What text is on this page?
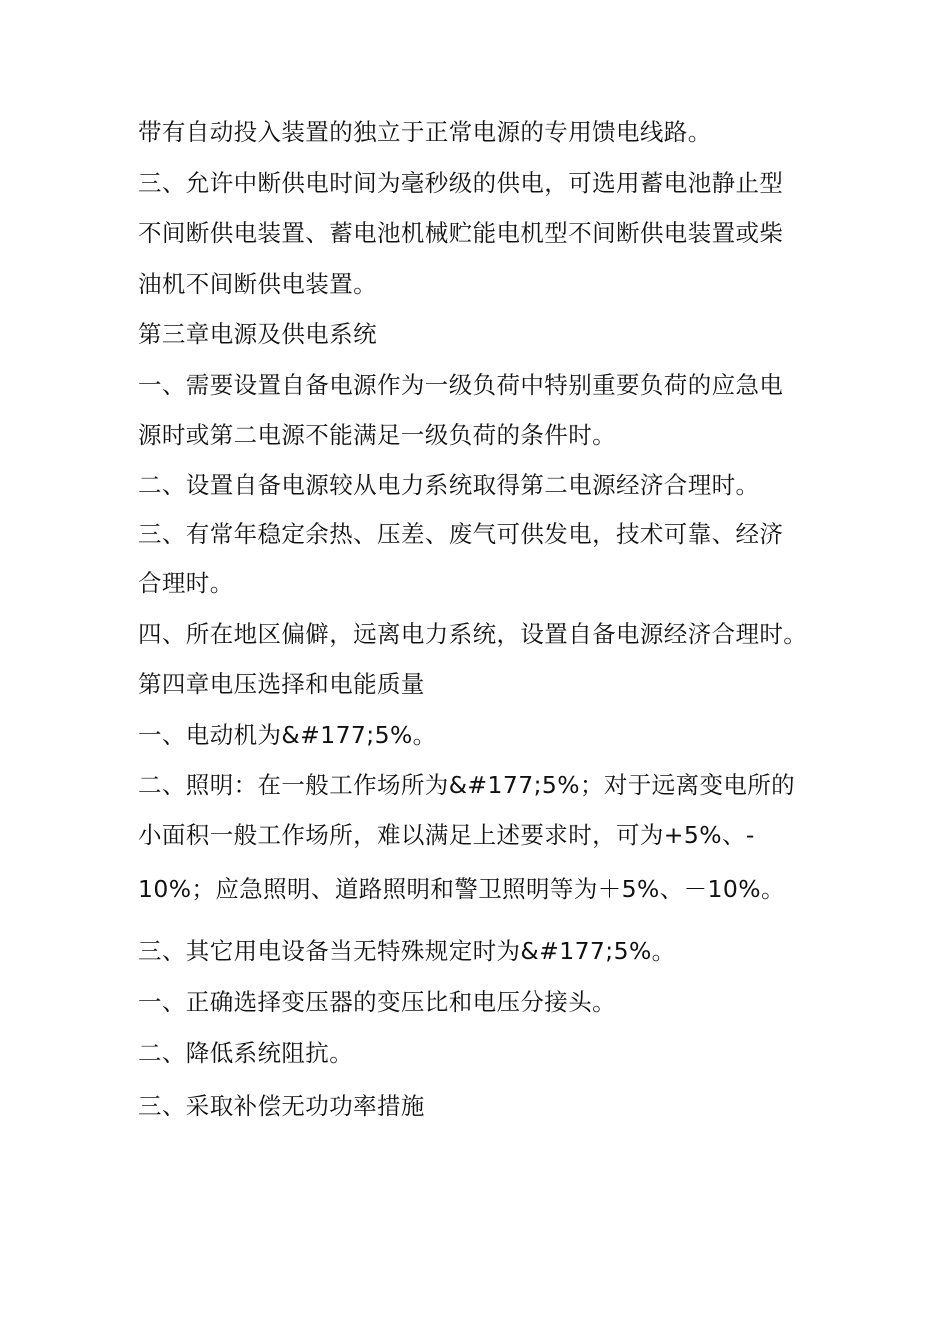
带有自动投入装置的独立于正常电源的专用馈电线路。

三、允许中断供电时间为毫秒级的供电，可选用蓄电池静止型

不间断供电装置、蓄电池机械贮能电机型不间断供电装置或柴

油机不间断供电装置。

第三章电源及供电系统

一、需要设置自备电源作为一级负荷中特别重要负荷的应急电

源时或第二电源不能满足一级负荷的条件时。

二、设置自备电源较从电力系统取得第二电源经济合理时。

三、有常年稳定余热、压差、废气可供发电，技术可靠、经济

合理时。

四、所在地区偏僻，远离电力系统，设置自备电源经济合理时。

第四章电压选择和电能质量

一、电动机为&#177;5%。

二、照明：在一般工作场所为&#177;5%；对于远离变电所的

小面积一般工作场所，难以满足上述要求时，可为+5%、-

10%；应急照明、道路照明和警卫照明等为＋5%、－10%。

三、其它用电设备当无特殊规定时为&#177;5%。

一、正确选择变压器的变压比和电压分接头。

二、降低系统阻抗。

三、采取补偿无功功率措施
